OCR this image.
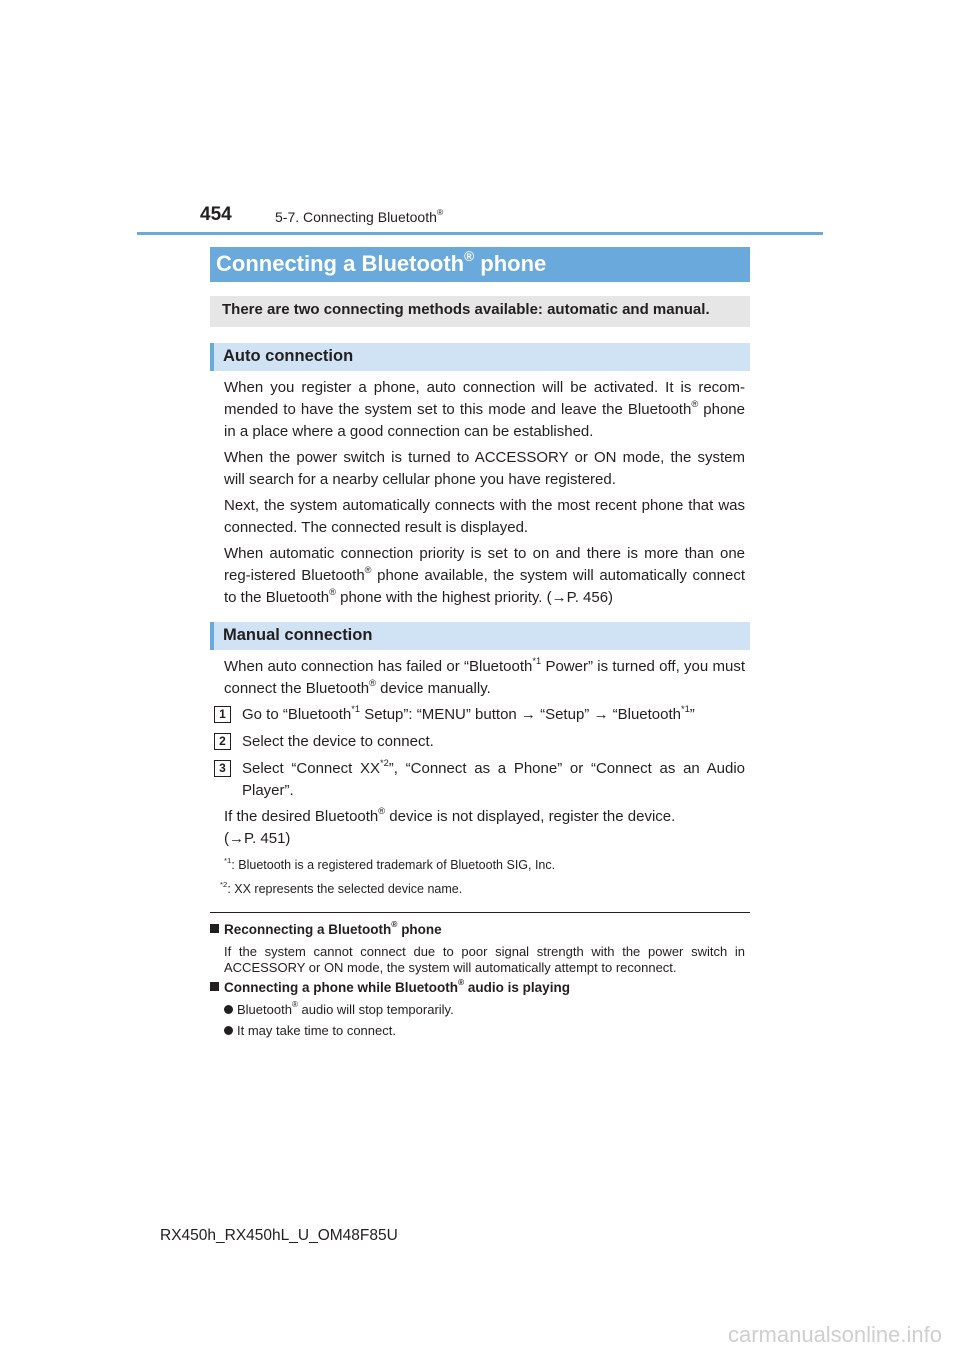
454	5-7. Connecting Bluetooth®
Connecting a Bluetooth® phone
There are two connecting methods available: automatic and manual.
Auto connection
When you register a phone, auto connection will be activated. It is recom-mended to have the system set to this mode and leave the Bluetooth® phone in a place where a good connection can be established.
When the power switch is turned to ACCESSORY or ON mode, the system will search for a nearby cellular phone you have registered.
Next, the system automatically connects with the most recent phone that was connected. The connected result is displayed.
When automatic connection priority is set to on and there is more than one reg-istered Bluetooth® phone available, the system will automatically connect to the Bluetooth® phone with the highest priority. (→P. 456)
Manual connection
When auto connection has failed or “Bluetooth$^{*1}$ Power” is turned off, you must connect the Bluetooth® device manually.
1	Go to “Bluetooth$^{*1}$ Setup”: “MENU” button → “Setup” → “Bluetooth$^{*1}$”
2	Select the device to connect.
3	Select “Connect XX$^{*2}$”, “Connect as a Phone” or “Connect as an Audio Player”.
If the desired Bluetooth® device is not displayed, register the device.
(→P. 451)
$^{*1}$: Bluetooth is a registered trademark of Bluetooth SIG, Inc.
$^{*2}$: XX represents the selected device name.
Reconnecting a Bluetooth® phone
If the system cannot connect due to poor signal strength with the power switch in ACCESSORY or ON mode, the system will automatically attempt to reconnect.
Connecting a phone while Bluetooth® audio is playing
Bluetooth® audio will stop temporarily.
It may take time to connect.
RX450h_RX450hL_U_OM48F85U
carmanualsonline.info
